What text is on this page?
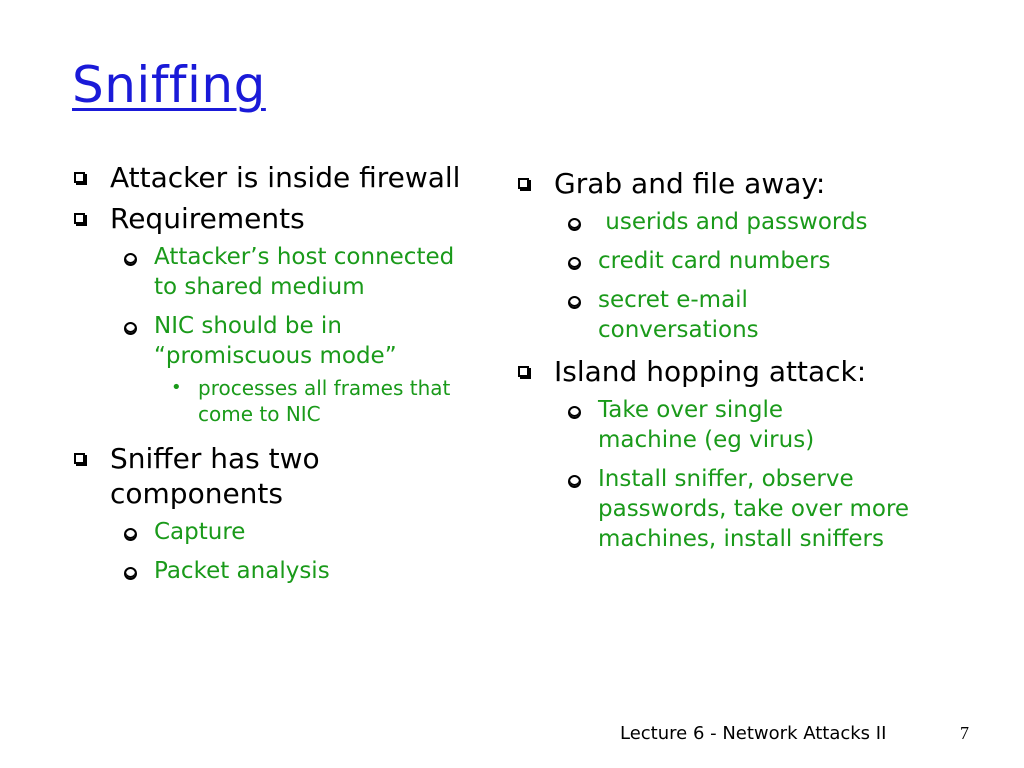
Sniffing
Attacker is inside firewall
Requirements
Attacker’s host connected to shared medium
NIC should be in “promiscuous mode”
• processes all frames that come to NIC
Sniffer has two components
Capture
Packet analysis
Grab and file away:
userids and passwords
credit card numbers
secret e-mail conversations
Island hopping attack:
Take over single machine (eg virus)
Install sniffer, observe passwords, take over more machines, install sniffers
Lecture 6 - Network Attacks II	7
